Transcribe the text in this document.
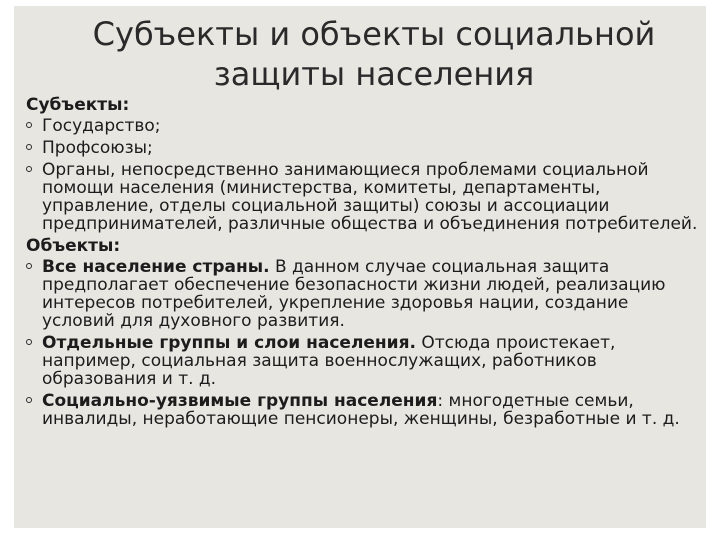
Субъекты и объекты социальной
защиты населения
Субъекты:
Государство;
Профсоюзы;
Органы, непосредственно занимающиеся проблемами социальной помощи населения (министерства, комитеты, департаменты, управление, отделы социальной защиты) союзы и ассоциации предпринимателей, различные общества и объединения потребителей.
Объекты:
Все население страны. В данном случае социальная защита предполагает обеспечение безопасности жизни людей, реализацию интересов потребителей, укрепление здоровья нации, создание условий для духовного развития.
Отдельные группы и слои населения. Отсюда проистекает, например, социальная защита военнослужащих, работников образования и т. д.
Социально-уязвимые группы населения: многодетные семьи, инвалиды, неработающие пенсионеры, женщины, безработные и т. д.
